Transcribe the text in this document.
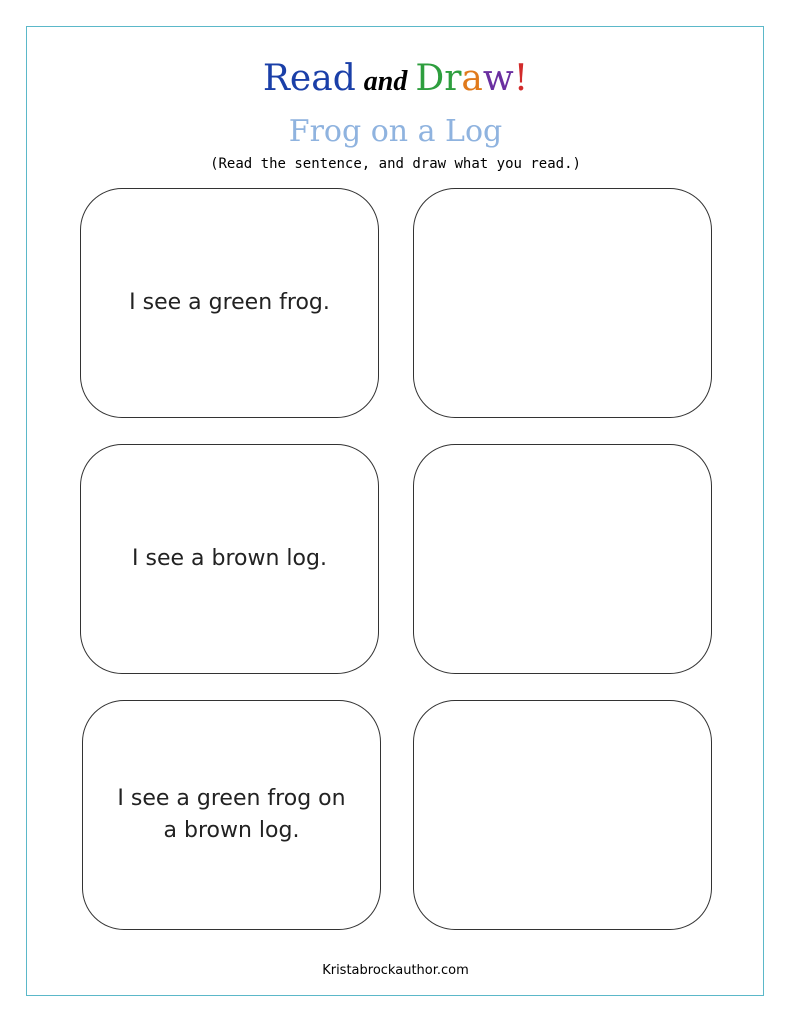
Read and Draw!
Frog on a Log
(Read the sentence, and draw what you read.)
I see a green frog.
I see a brown log.
I see a green frog on a brown log.
Kristabrockauthor.com
